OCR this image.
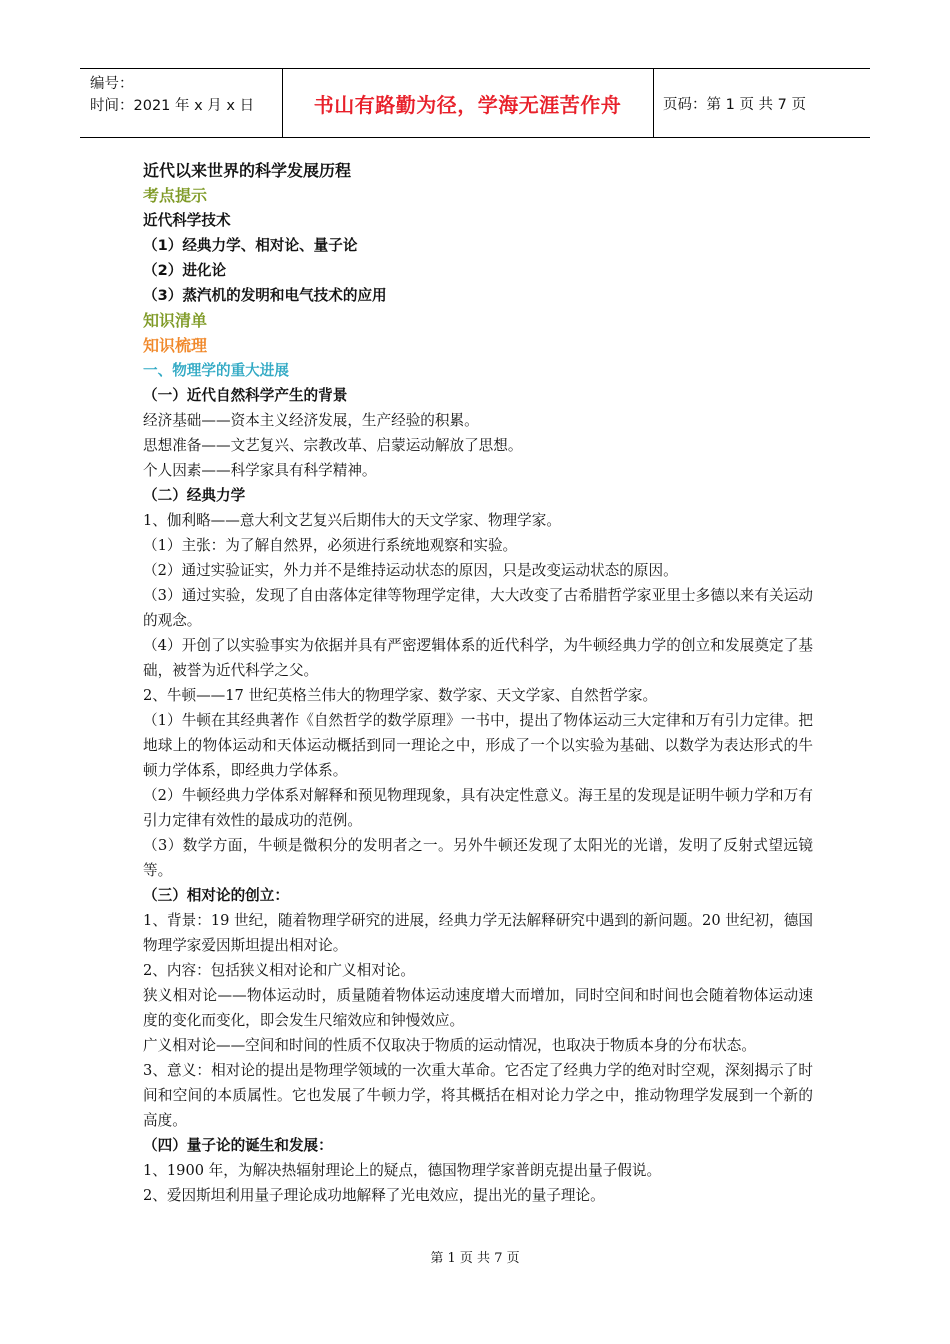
编号：
时间：2021 年 x 月 x 日	书山有路勤为径，学海无涯苦作舟	页码：第 1 页 共 7 页
近代以来世界的科学发展历程
考点提示
近代科学技术
（1）经典力学、相对论、量子论
（2）进化论
（3）蒸汽机的发明和电气技术的应用
知识清单
知识梳理
一、物理学的重大进展
（一）近代自然科学产生的背景
经济基础——资本主义经济发展，生产经验的积累。
思想准备——文艺复兴、宗教改革、启蒙运动解放了思想。
个人因素——科学家具有科学精神。
（二）经典力学
1、伽利略——意大利文艺复兴后期伟大的天文学家、物理学家。
（1）主张：为了解自然界，必须进行系统地观察和实验。
（2）通过实验证实，外力并不是维持运动状态的原因，只是改变运动状态的原因。
（3）通过实验，发现了自由落体定律等物理学定律，大大改变了古希腊哲学家亚里士多德以来有关运动的观念。
（4）开创了以实验事实为依据并具有严密逻辑体系的近代科学，为牛顿经典力学的创立和发展奠定了基础，被誉为近代科学之父。
2、牛顿——17 世纪英格兰伟大的物理学家、数学家、天文学家、自然哲学家。
（1）牛顿在其经典著作《自然哲学的数学原理》一书中，提出了物体运动三大定律和万有引力定律。把地球上的物体运动和天体运动概括到同一理论之中，形成了一个以实验为基础、以数学为表达形式的牛顿力学体系，即经典力学体系。
（2）牛顿经典力学体系对解释和预见物理现象，具有决定性意义。海王星的发现是证明牛顿力学和万有引力定律有效性的最成功的范例。
（3）数学方面，牛顿是微积分的发明者之一。另外牛顿还发现了太阳光的光谱，发明了反射式望远镜等。
（三）相对论的创立：
1、背景：19 世纪，随着物理学研究的进展，经典力学无法解释研究中遇到的新问题。20 世纪初，德国物理学家爱因斯坦提出相对论。
2、内容：包括狭义相对论和广义相对论。
狭义相对论——物体运动时，质量随着物体运动速度增大而增加，同时空间和时间也会随着物体运动速度的变化而变化，即会发生尺缩效应和钟慢效应。
广义相对论——空间和时间的性质不仅取决于物质的运动情况，也取决于物质本身的分布状态。
3、意义：相对论的提出是物理学领域的一次重大革命。它否定了经典力学的绝对时空观，深刻揭示了时间和空间的本质属性。它也发展了牛顿力学，将其概括在相对论力学之中，推动物理学发展到一个新的高度。
（四）量子论的诞生和发展：
1、1900 年，为解决热辐射理论上的疑点，德国物理学家普朗克提出量子假说。
2、爱因斯坦利用量子理论成功地解释了光电效应，提出光的量子理论。
第 1 页 共 7 页
